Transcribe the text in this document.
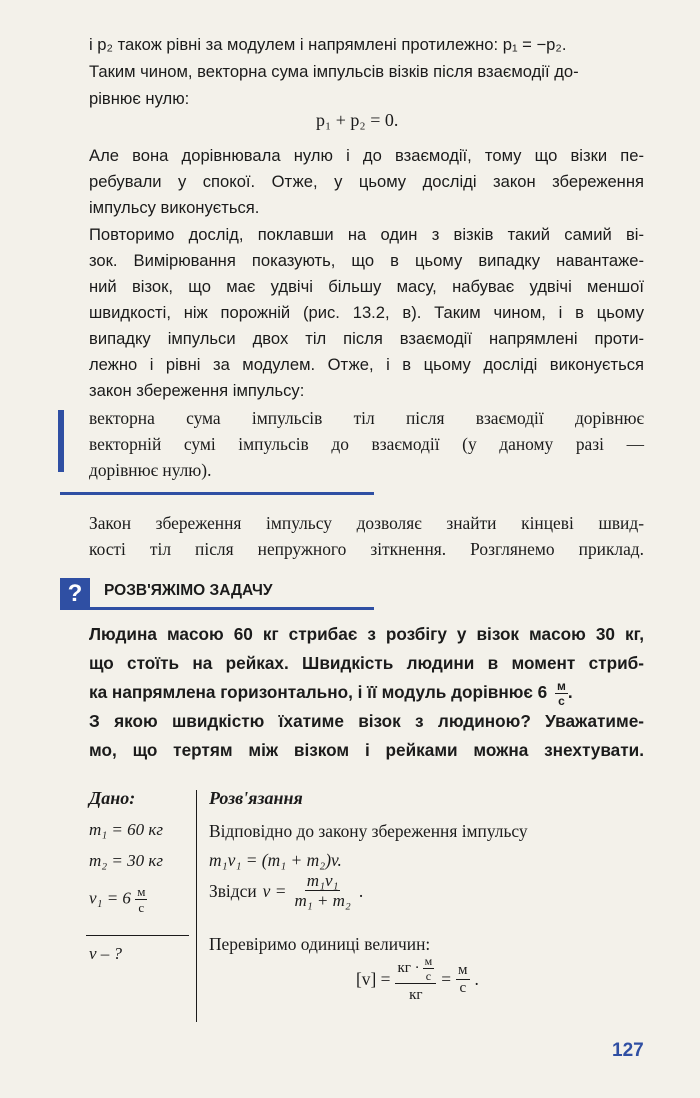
і p₂ також рівні за модулем і напрямлені протилежно: p₁ = −p₂.
Таким чином, векторна сума імпульсів візків після взаємодії до-
рівнює нулю:
p₁ + p₂ = 0.
Але вона дорівнювала нулю і до взаємодії, тому що візки пе-
ребували у спокої. Отже, у цьому досліді закон збереження
імпульсу виконується.
Повторимо дослід, поклавши на один з візків такий самий ві-
зок. Вимірювання показують, що в цьому випадку навантаже-
ний візок, що має удвічі більшу масу, набуває удвічі меншої
швидкості, ніж порожній (рис. 13.2, в). Таким чином, і в цьому
випадку імпульси двох тіл після взаємодії напрямлені проти-
лежно і рівні за модулем. Отже, і в цьому досліді виконується
закон збереження імпульсу:
векторна сума імпульсів тіл після взаємодії дорівнює
векторній сумі імпульсів до взаємодії (у даному разі —
дорівнює нулю).
Закон збереження імпульсу дозволяє знайти кінцеві швид-
кості тіл після непружного зіткнення. Розглянемо приклад.
?	РОЗВ'ЯЖІМО ЗАДАЧУ
Людина масою 60 кг стрибає з розбігу у візок масою 30 кг,
що стоїть на рейках. Швидкість людини в момент стриб-
ка напрямлена горизонтально, і її модуль дорівнює $6 \frac{м}{с}$ .
З якою швидкістю їхатиме візок з людиною? Уважатиме-
мо, що тертям між візком і рейками можна знехтувати.
Дано:
m₁ = 60 кг
m₂ = 30 кг
$v_1 = 6 \frac{м}{с}$
v – ?
Розв'язання
Відповідно до закону збереження імпульсу
m₁v₁ = (m₁ + m₂)v.
Звідси $v = \frac{\text{m₁v₁}}{\text{m₁ + m₂}}$ .
Перевіримо одиниці величин:
$[v] = \frac{кг \cdot \frac{м}{с}}{кг} = \frac{м}{с}$ .
127
